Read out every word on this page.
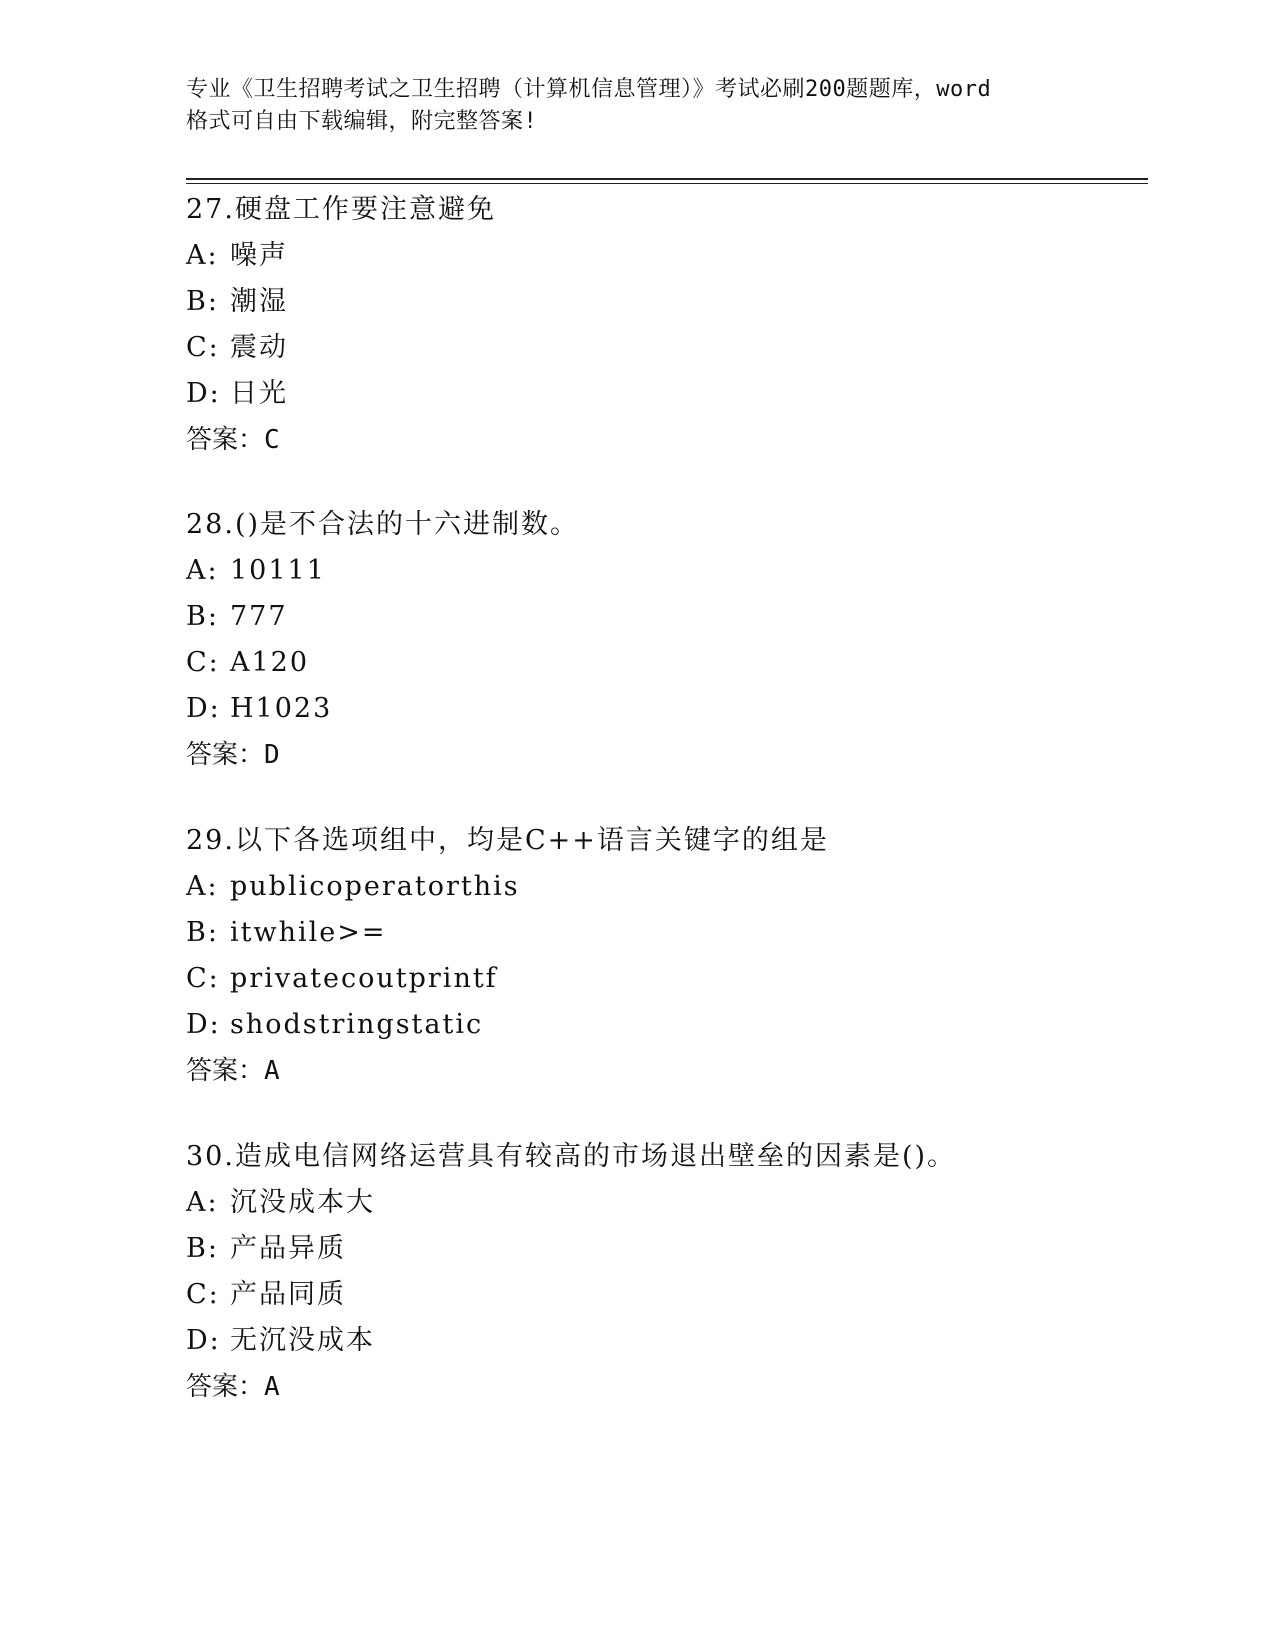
专业《卫生招聘考试之卫生招聘（计算机信息管理）》考试必刷200题题库，word
格式可自由下载编辑，附完整答案!
27.硬盘工作要注意避免
A: 噪声
B: 潮湿
C: 震动
D: 日光
答案：C
28.()是不合法的十六进制数。
A: 10111
B: 777
C: A120
D: H1023
答案：D
29.以下各选项组中，均是C++语言关键字的组是
A: publicoperatorthis
B: itwhile>=
C: privatecoutprintf
D: shodstringstatic
答案：A
30.造成电信网络运营具有较高的市场退出壁垒的因素是()。
A: 沉没成本大
B: 产品异质
C: 产品同质
D: 无沉没成本
答案：A
